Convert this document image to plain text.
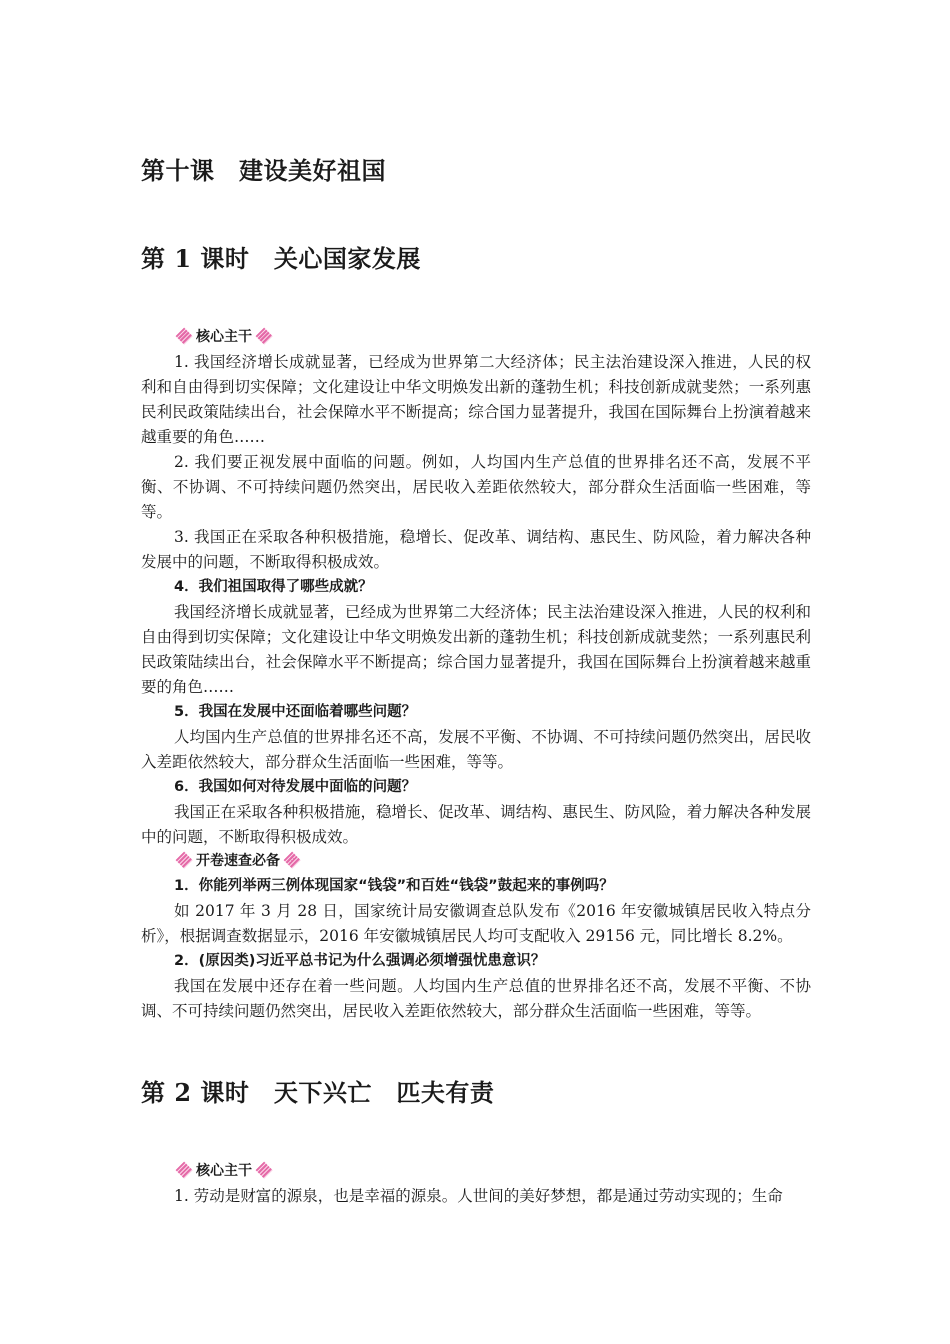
第十课　建设美好祖国
第 1 课时　关心国家发展
核心主干

1. 我国经济增长成就显著，已经成为世界第二大经济体；民主法治建设深入推进，人民的权利和自由得到切实保障；文化建设让中华文明焕发出新的蓬勃生机；科技创新成就斐然；一系列惠民利民政策陆续出台，社会保障水平不断提高；综合国力显著提升，我国在国际舞台上扮演着越来越重要的角色……

2. 我们要正视发展中面临的问题。例如，人均国内生产总值的世界排名还不高，发展不平衡、不协调、不可持续问题仍然突出，居民收入差距依然较大，部分群众生活面临一些困难，等等。

3. 我国正在采取各种积极措施，稳增长、促改革、调结构、惠民生、防风险，着力解决各种发展中的问题，不断取得积极成效。

4．我们祖国取得了哪些成就？

我国经济增长成就显著，已经成为世界第二大经济体；民主法治建设深入推进，人民的权利和自由得到切实保障；文化建设让中华文明焕发出新的蓬勃生机；科技创新成就斐然；一系列惠民利民政策陆续出台，社会保障水平不断提高；综合国力显著提升，我国在国际舞台上扮演着越来越重要的角色……

5．我国在发展中还面临着哪些问题？

人均国内生产总值的世界排名还不高，发展不平衡、不协调、不可持续问题仍然突出，居民收入差距依然较大，部分群众生活面临一些困难，等等。

6．我国如何对待发展中面临的问题？

我国正在采取各种积极措施，稳增长、促改革、调结构、惠民生、防风险，着力解决各种发展中的问题，不断取得积极成效。

开卷速查必备

1．你能列举两三例体现国家“钱袋”和百姓“钱袋”鼓起来的事例吗？

如 2017 年 3 月 28 日，国家统计局安徽调查总队发布《2016 年安徽城镇居民收入特点分析》，根据调查数据显示，2016 年安徽城镇居民人均可支配收入 29156 元，同比增长 8.2%。

2．(原因类)习近平总书记为什么强调必须增强忧患意识？

我国在发展中还存在着一些问题。人均国内生产总值的世界排名还不高，发展不平衡、不协调、不可持续问题仍然突出，居民收入差距依然较大，部分群众生活面临一些困难，等等。

第 2 课时　天下兴亡　匹夫有责
核心主干

1. 劳动是财富的源泉，也是幸福的源泉。人世间的美好梦想，都是通过劳动实现的；生命
